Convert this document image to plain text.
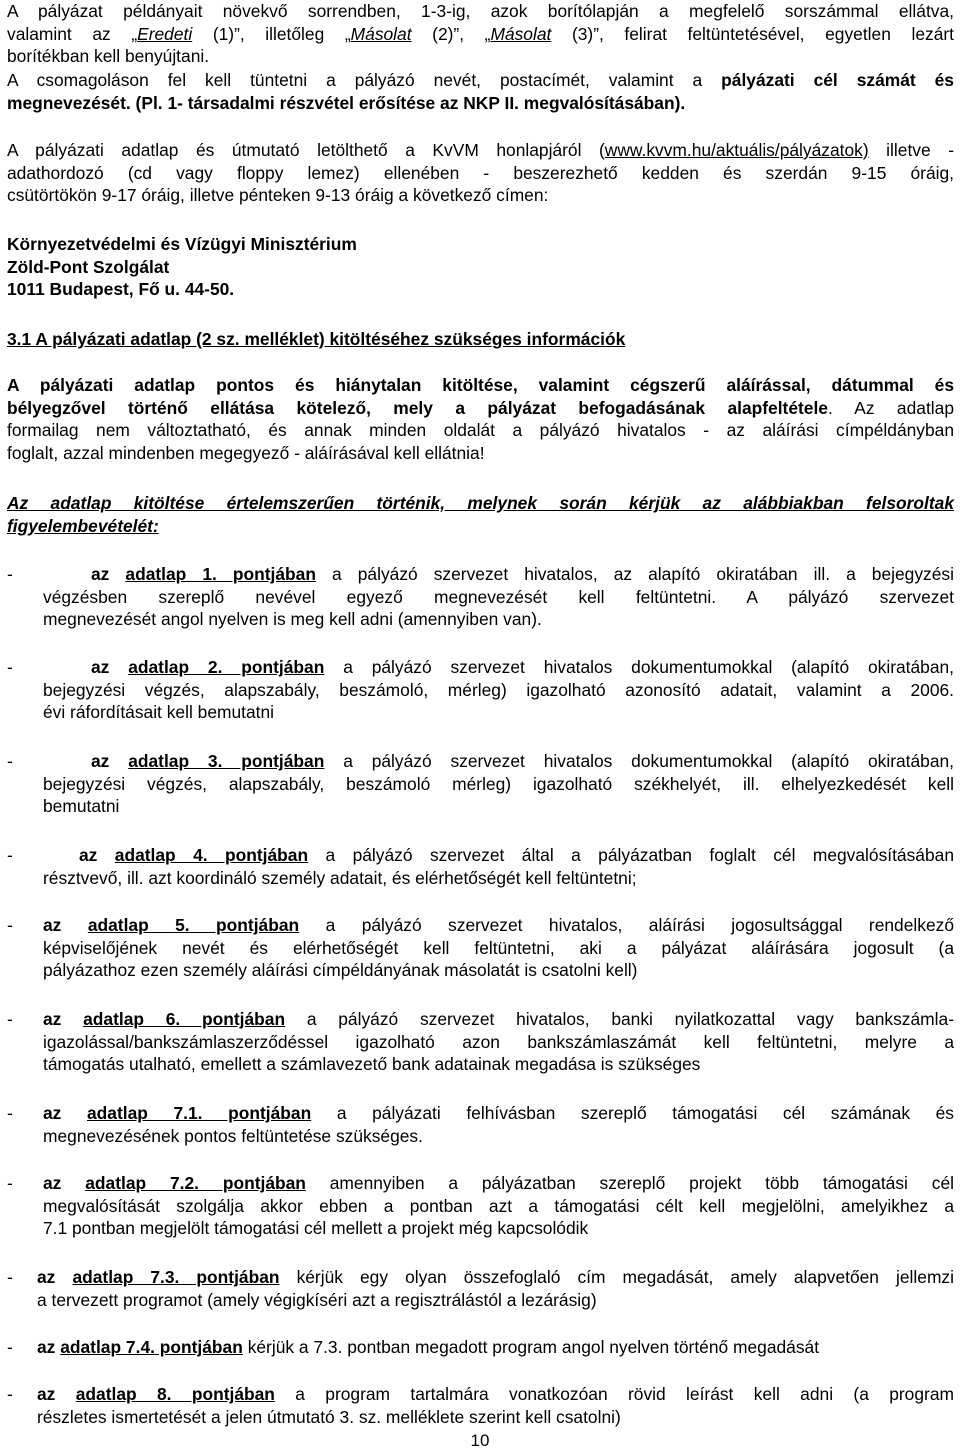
A pályázat példányait növekvő sorrendben, 1-3-ig, azok borítólapján a megfelelő sorszámmal ellátva,
valamint az „Eredeti (1)”, illetőleg „Másolat (2)”, „Másolat (3)”, felirat feltüntetésével, egyetlen lezárt
borítékban kell benyújtani.
A csomagoláson fel kell tüntetni a pályázó nevét, postacímét, valamint a pályázati cél számát és
megnevezését. (Pl. 1- társadalmi részvétel erősítése az NKP II. megvalósításában).
A pályázati adatlap és útmutató letölthető a KvVM honlapjáról (www.kvvm.hu/aktuális/pályázatok) illetve -
adathordozó (cd vagy floppy lemez) ellenében - beszerezhető kedden és szerdán 9-15 óráig,
csütörtökön 9-17 óráig, illetve pénteken 9-13 óráig a következő címen:
Környezetvédelmi és Vízügyi Minisztérium
Zöld-Pont Szolgálat
1011 Budapest, Fő u. 44-50.
3.1 A pályázati adatlap (2 sz. melléklet) kitöltéséhez szükséges információk
A pályázati adatlap pontos és hiánytalan kitöltése, valamint cégszerű aláírással, dátummal és
bélyegzővel történő ellátása kötelező, mely a pályázat befogadásának alapfeltétele. Az adatlap
formailag nem változtatható, és annak minden oldalát a pályázó hivatalos - az aláírási címpéldányban
foglalt, azzal mindenben megegyező - aláírásával kell ellátnia!
Az adatlap kitöltése értelemszerűen történik, melynek során kérjük az alábbiakban felsoroltak
figyelembevételét:
-	az adatlap 1. pontjában a pályázó szervezet hivatalos, az alapító okiratában ill. a bejegyzési
végzésben szereplő nevével egyező megnevezését kell feltüntetni. A pályázó szervezet
megnevezését angol nyelven is meg kell adni (amennyiben van).
-	az adatlap 2. pontjában a pályázó szervezet hivatalos dokumentumokkal (alapító okiratában,
bejegyzési végzés, alapszabály, beszámoló, mérleg) igazolható azonosító adatait, valamint a 2006.
évi ráfordításait kell bemutatni
-	az adatlap 3. pontjában a pályázó szervezet hivatalos dokumentumokkal (alapító okiratában,
bejegyzési végzés, alapszabály, beszámoló mérleg) igazolható székhelyét, ill. elhelyezkedését kell
bemutatni
-	az adatlap 4. pontjában a pályázó szervezet által a pályázatban foglalt cél megvalósításában
résztvevő, ill. azt koordináló személy adatait, és elérhetőségét kell feltüntetni;
- az adatlap 5. pontjában a pályázó szervezet hivatalos, aláírási jogosultsággal rendelkező
képviselőjének nevét és elérhetőségét kell feltüntetni, aki a pályázat aláírására jogosult (a
pályázathoz ezen személy aláírási címpéldányának másolatát is csatolni kell)
- az adatlap 6. pontjában a pályázó szervezet hivatalos, banki nyilatkozattal vagy bankszámla-
igazolással/bankszámlaszerződéssel igazolható azon bankszámlaszámát kell feltüntetni, melyre a
támogatás utalható, emellett a számlavezető bank adatainak megadása is szükséges
- az adatlap 7.1. pontjában a pályázati felhívásban szereplő támogatási cél számának és
megnevezésének pontos feltüntetése szükséges.
- az adatlap 7.2. pontjában amennyiben a pályázatban szereplő projekt több támogatási cél
megvalósítását szolgálja akkor ebben a pontban azt a támogatási célt kell megjelölni, amelyikhez a
7.1 pontban megjelölt támogatási cél mellett a projekt még kapcsolódik
- az adatlap 7.3. pontjában kérjük egy olyan összefoglaló cím megadását, amely alapvetően jellemzi
a tervezett programot (amely végigkíséri azt a regisztrálástól a lezárásig)
- az adatlap 7.4. pontjában kérjük a 7.3. pontban megadott program angol nyelven történő megadását
- az adatlap 8. pontjában a program tartalmára vonatkozóan rövid leírást kell adni (a program
részletes ismertetését a jelen útmutató 3. sz. melléklete szerint kell csatolni)
10
